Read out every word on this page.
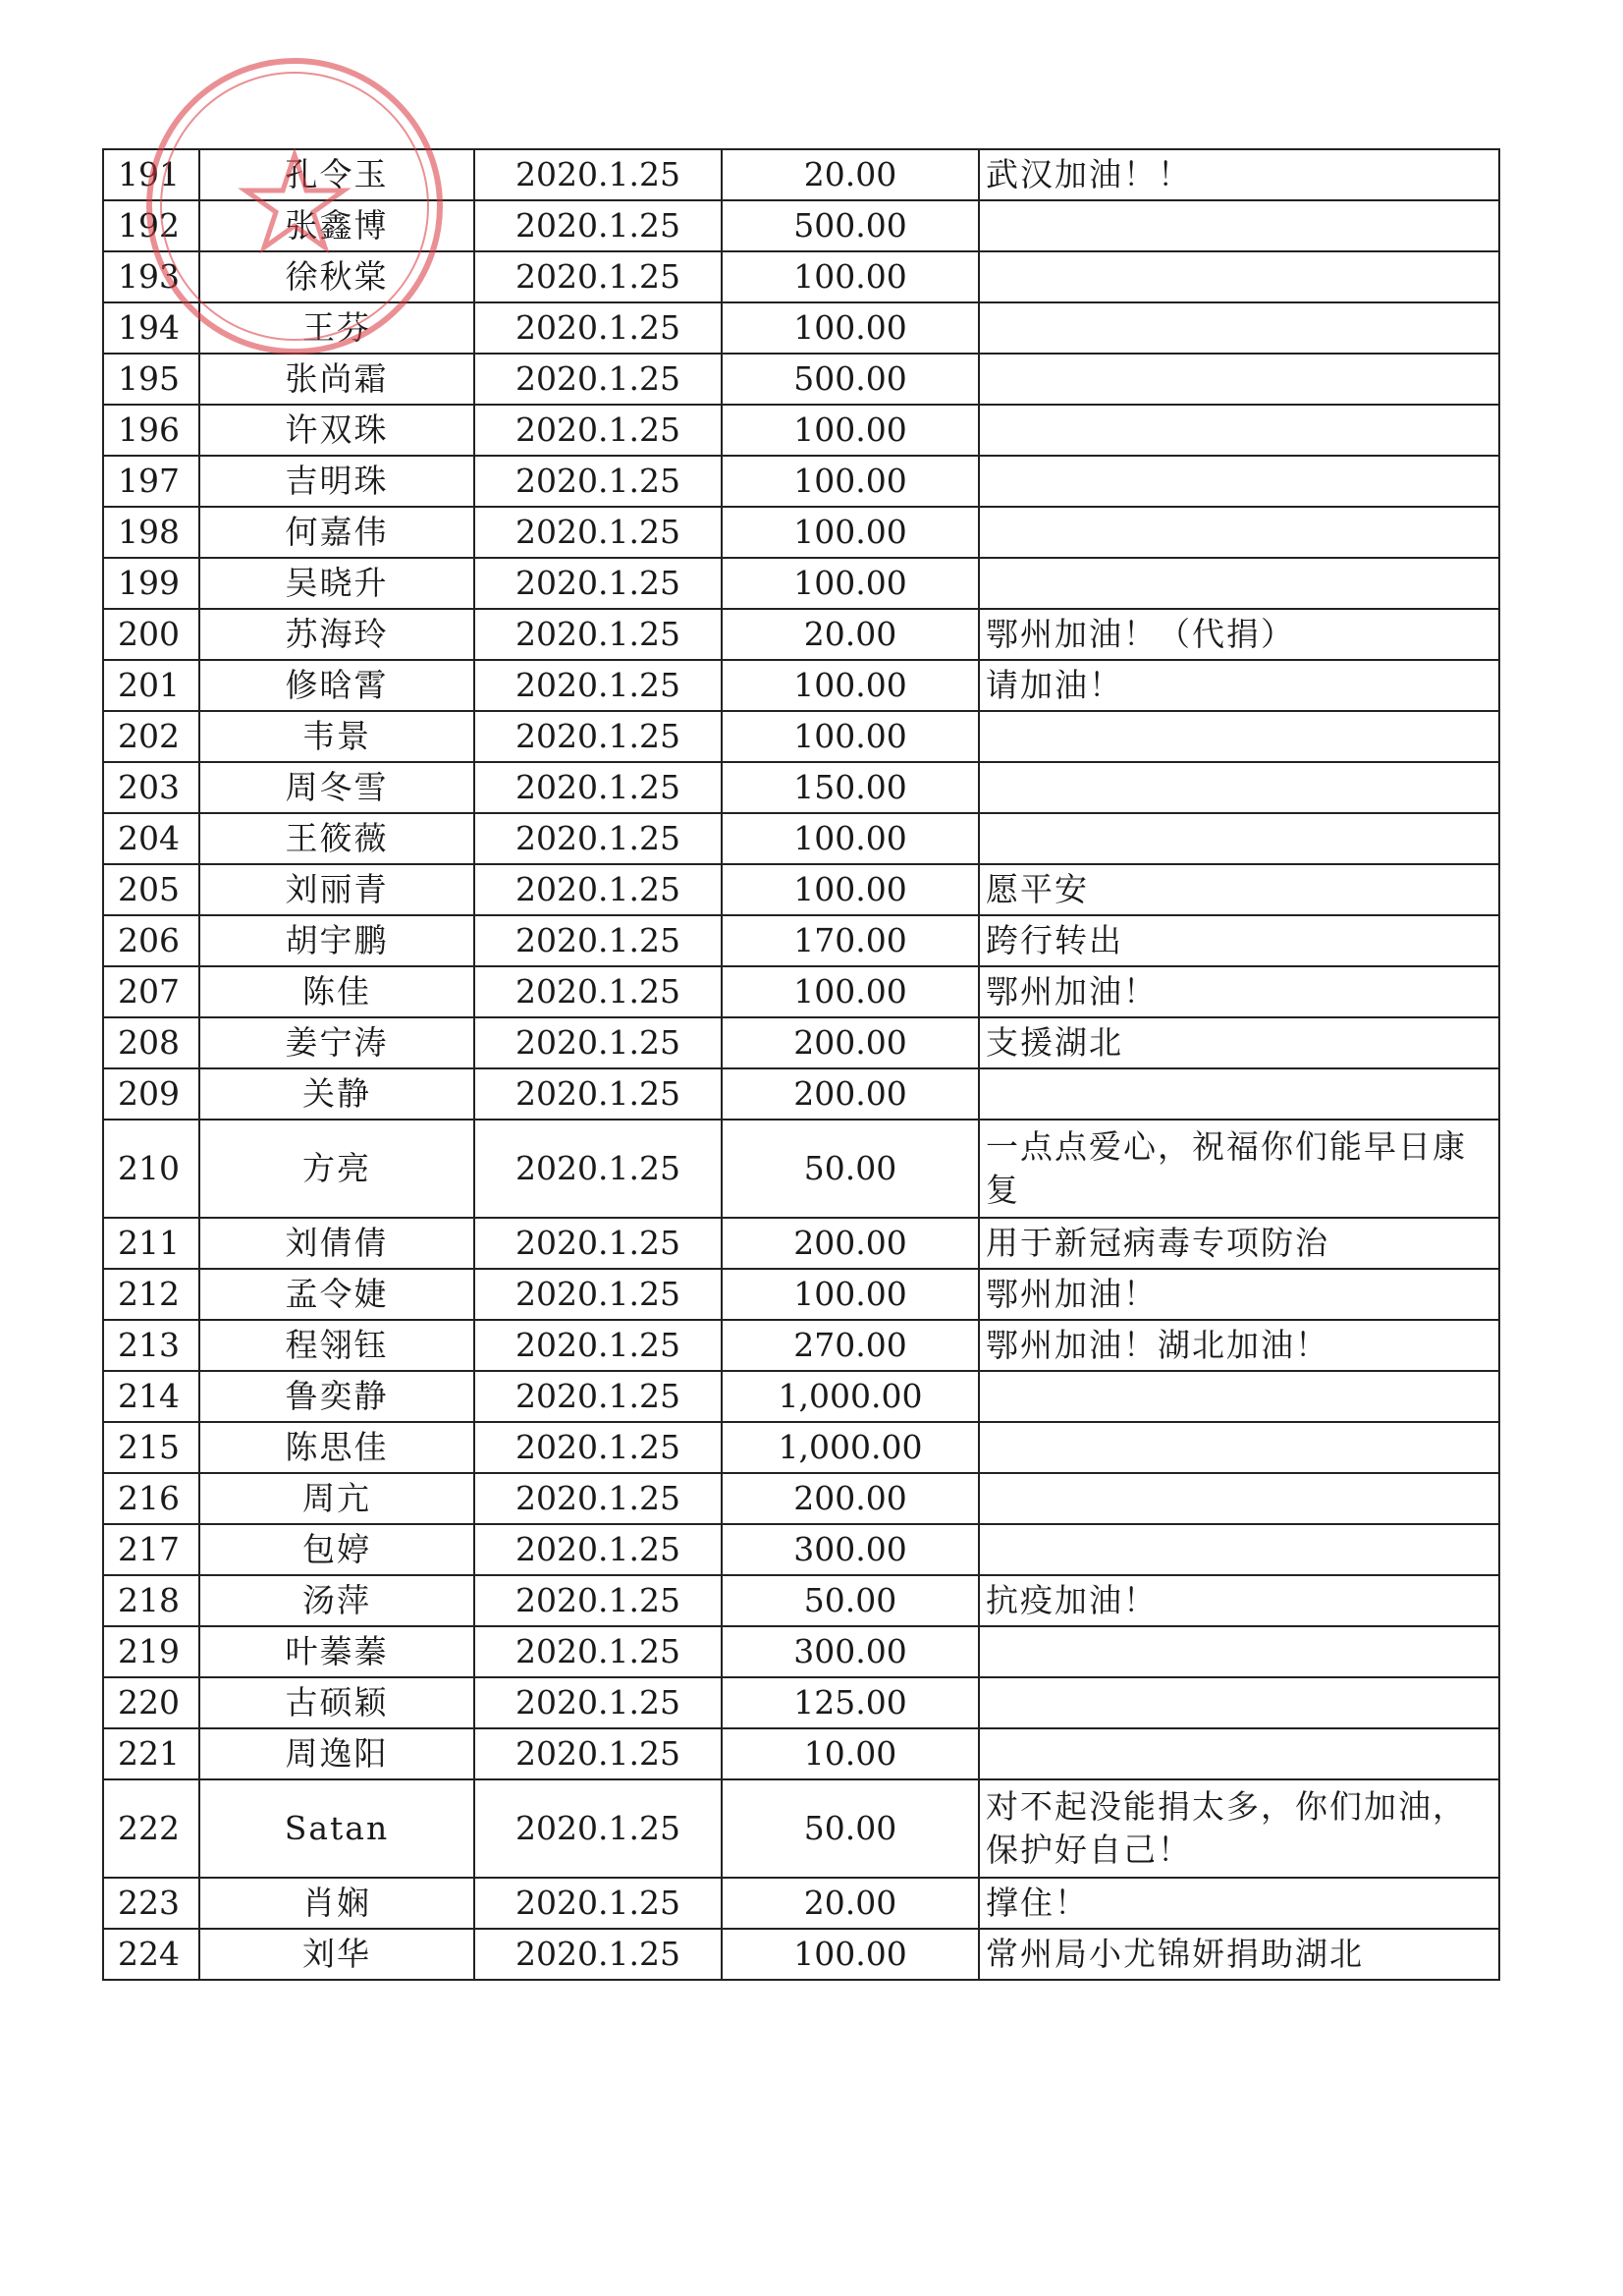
191	孔令玉	2020.1.25	20.00	武汉加油！！
192	张鑫博	2020.1.25	500.00	
193	徐秋棠	2020.1.25	100.00	
194	王芬	2020.1.25	100.00	
195	张尚霜	2020.1.25	500.00	
196	许双珠	2020.1.25	100.00	
197	吉明珠	2020.1.25	100.00	
198	何嘉伟	2020.1.25	100.00	
199	吴晓升	2020.1.25	100.00	
200	苏海玲	2020.1.25	20.00	鄂州加油！（代捐）
201	修晗霄	2020.1.25	100.00	请加油！
202	韦景	2020.1.25	100.00	
203	周冬雪	2020.1.25	150.00	
204	王筱薇	2020.1.25	100.00	
205	刘丽青	2020.1.25	100.00	愿平安
206	胡宇鹏	2020.1.25	170.00	跨行转出
207	陈佳	2020.1.25	100.00	鄂州加油！
208	姜宁涛	2020.1.25	200.00	支援湖北
209	关静	2020.1.25	200.00	
210	方亮	2020.1.25	50.00	一点点爱心，祝福你们能早日康复
211	刘倩倩	2020.1.25	200.00	用于新冠病毒专项防治
212	孟令婕	2020.1.25	100.00	鄂州加油！
213	程翎钰	2020.1.25	270.00	鄂州加油！湖北加油！
214	鲁奕静	2020.1.25	1,000.00	
215	陈思佳	2020.1.25	1,000.00	
216	周亢	2020.1.25	200.00	
217	包婷	2020.1.25	300.00	
218	汤萍	2020.1.25	50.00	抗疫加油！
219	叶蓁蓁	2020.1.25	300.00	
220	古硕颖	2020.1.25	125.00	
221	周逸阳	2020.1.25	10.00	
222	Satan	2020.1.25	50.00	对不起没能捐太多，你们加油，保护好自己！
223	肖娴	2020.1.25	20.00	撑住！
224	刘华	2020.1.25	100.00	常州局小尤锦妍捐助湖北
